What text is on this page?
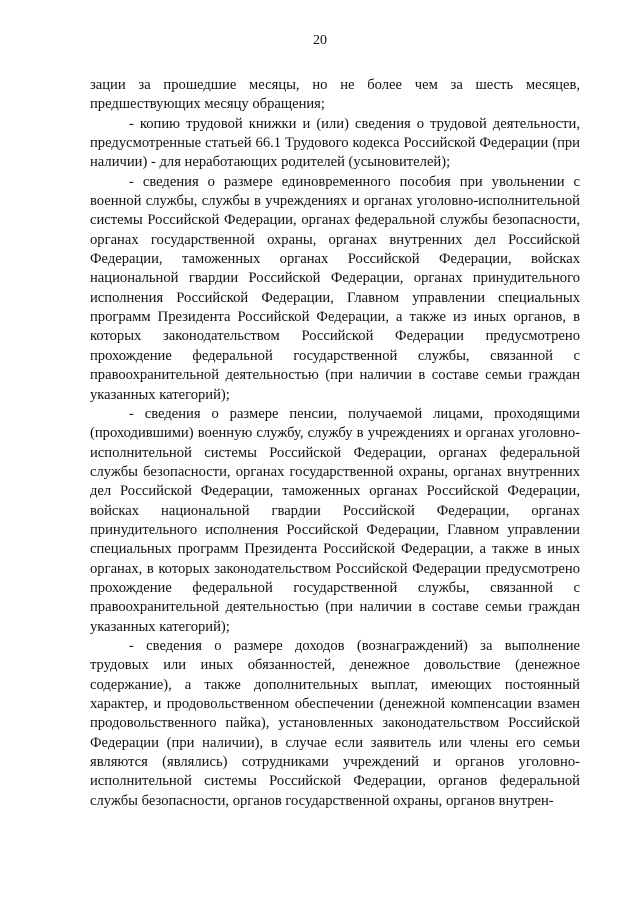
20

зации за прошедшие месяцы, но не более чем за шесть месяцев, предшествующих месяцу обращения;

- копию трудовой книжки и (или) сведения о трудовой деятельности, предусмотренные статьей 66.1 Трудового кодекса Российской Федерации (при наличии) - для неработающих родителей (усыновителей);

- сведения о размере единовременного пособия при увольнении с военной службы, службы в учреждениях и органах уголовно-исполнительной системы Российской Федерации, органах федеральной службы безопасности, органах государственной охраны, органах внутренних дел Российской Федерации, таможенных органах Российской Федерации, войсках национальной гвардии Российской Федерации, органах принудительного исполнения Российской Федерации, Главном управлении специальных программ Президента Российской Федерации, а также из иных органов, в которых законодательством Российской Федерации предусмотрено прохождение федеральной государственной службы, связанной с правоохранительной деятельностью (при наличии в составе семьи граждан указанных категорий);

- сведения о размере пенсии, получаемой лицами, проходящими (проходившими) военную службу, службу в учреждениях и органах уголовно-исполнительной системы Российской Федерации, органах федеральной службы безопасности, органах государственной охраны, органах внутренних дел Российской Федерации, таможенных органах Российской Федерации, войсках национальной гвардии Российской Федерации, органах принудительного исполнения Российской Федерации, Главном управлении специальных программ Президента Российской Федерации, а также в иных органах, в которых законодательством Российской Федерации предусмотрено прохождение федеральной государственной службы, связанной с правоохранительной деятельностью (при наличии в составе семьи граждан указанных категорий);

- сведения о размере доходов (вознаграждений) за выполнение трудовых или иных обязанностей, денежное довольствие (денежное содержание), а также дополнительных выплат, имеющих постоянный характер, и продовольственном обеспечении (денежной компенсации взамен продовольственного пайка), установленных законодательством Российской Федерации (при наличии), в случае если заявитель или члены его семьи являются (являлись) сотрудниками учреждений и органов уголовно-исполнительной системы Российской Федерации, органов федеральной службы безопасности, органов государственной охраны, органов внутрен-
